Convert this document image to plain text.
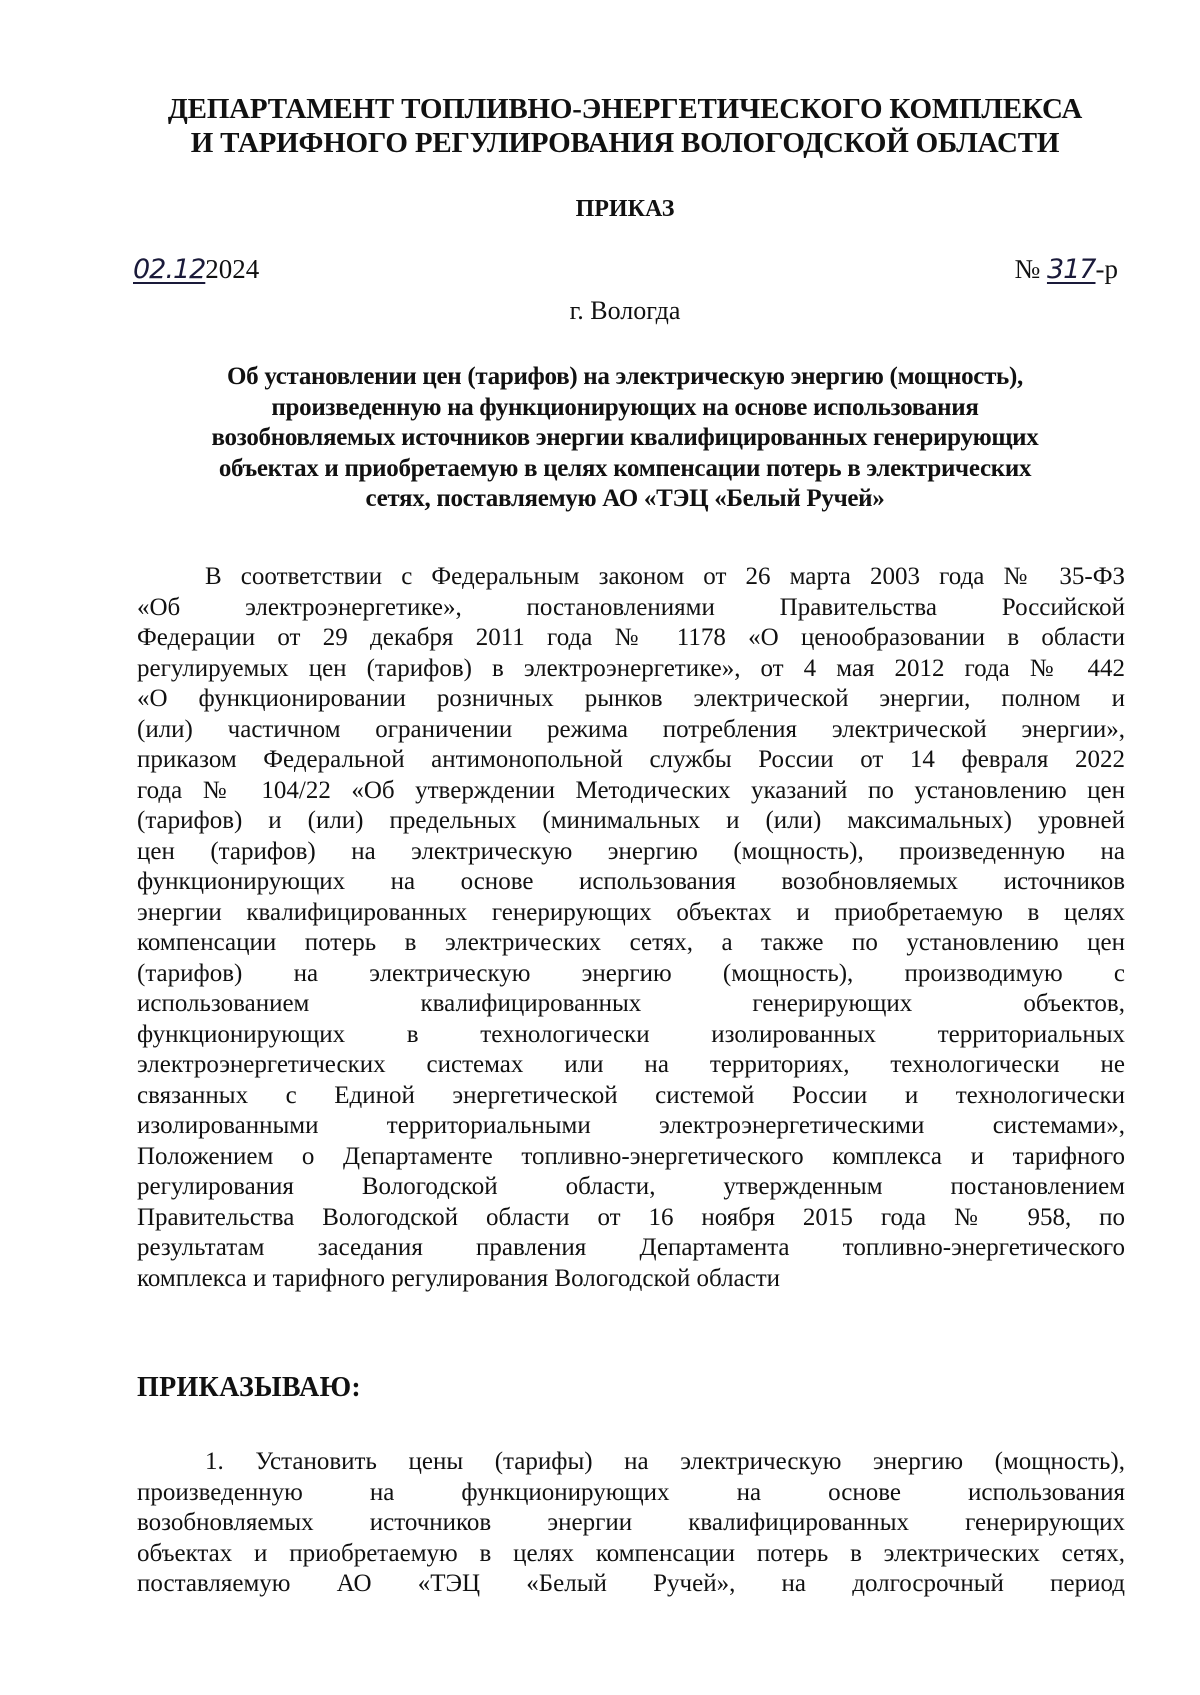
ДЕПАРТАМЕНТ ТОПЛИВНО-ЭНЕРГЕТИЧЕСКОГО КОМПЛЕКСА
И ТАРИФНОГО РЕГУЛИРОВАНИЯ ВОЛОГОДСКОЙ ОБЛАСТИ
ПРИКАЗ
02.122024	№ 317-р
г. Вологда
Об установлении цен (тарифов) на электрическую энергию (мощность),
произведенную на функционирующих на основе использования
возобновляемых источников энергии квалифицированных генерирующих
объектах и приобретаемую в целях компенсации потерь в электрических
сетях, поставляемую АО «ТЭЦ «Белый Ручей»
В соответствии с Федеральным законом от 26 марта 2003 года № 35-ФЗ
«Об электроэнергетике», постановлениями Правительства Российской
Федерации от 29 декабря 2011 года № 1178 «О ценообразовании в области
регулируемых цен (тарифов) в электроэнергетике», от 4 мая 2012 года № 442
«О функционировании розничных рынков электрической энергии, полном и
(или) частичном ограничении режима потребления электрической энергии»,
приказом Федеральной антимонопольной службы России от 14 февраля 2022
года № 104/22 «Об утверждении Методических указаний по установлению цен
(тарифов) и (или) предельных (минимальных и (или) максимальных) уровней
цен (тарифов) на электрическую энергию (мощность), произведенную на
функционирующих на основе использования возобновляемых источников
энергии квалифицированных генерирующих объектах и приобретаемую в целях
компенсации потерь в электрических сетях, а также по установлению цен
(тарифов) на электрическую энергию (мощность), производимую с
использованием квалифицированных генерирующих объектов,
функционирующих в технологически изолированных территориальных
электроэнергетических системах или на территориях, технологически не
связанных с Единой энергетической системой России и технологически
изолированными территориальными электроэнергетическими системами»,
Положением о Департаменте топливно-энергетического комплекса и тарифного
регулирования Вологодской области, утвержденным постановлением
Правительства Вологодской области от 16 ноября 2015 года № 958, по
результатам заседания правления Департамента топливно-энергетического
комплекса и тарифного регулирования Вологодской области
ПРИКАЗЫВАЮ:
1. Установить цены (тарифы) на электрическую энергию (мощность),
произведенную на функционирующих на основе использования
возобновляемых источников энергии квалифицированных генерирующих
объектах и приобретаемую в целях компенсации потерь в электрических сетях,
поставляемую АО «ТЭЦ «Белый Ручей», на долгосрочный период
